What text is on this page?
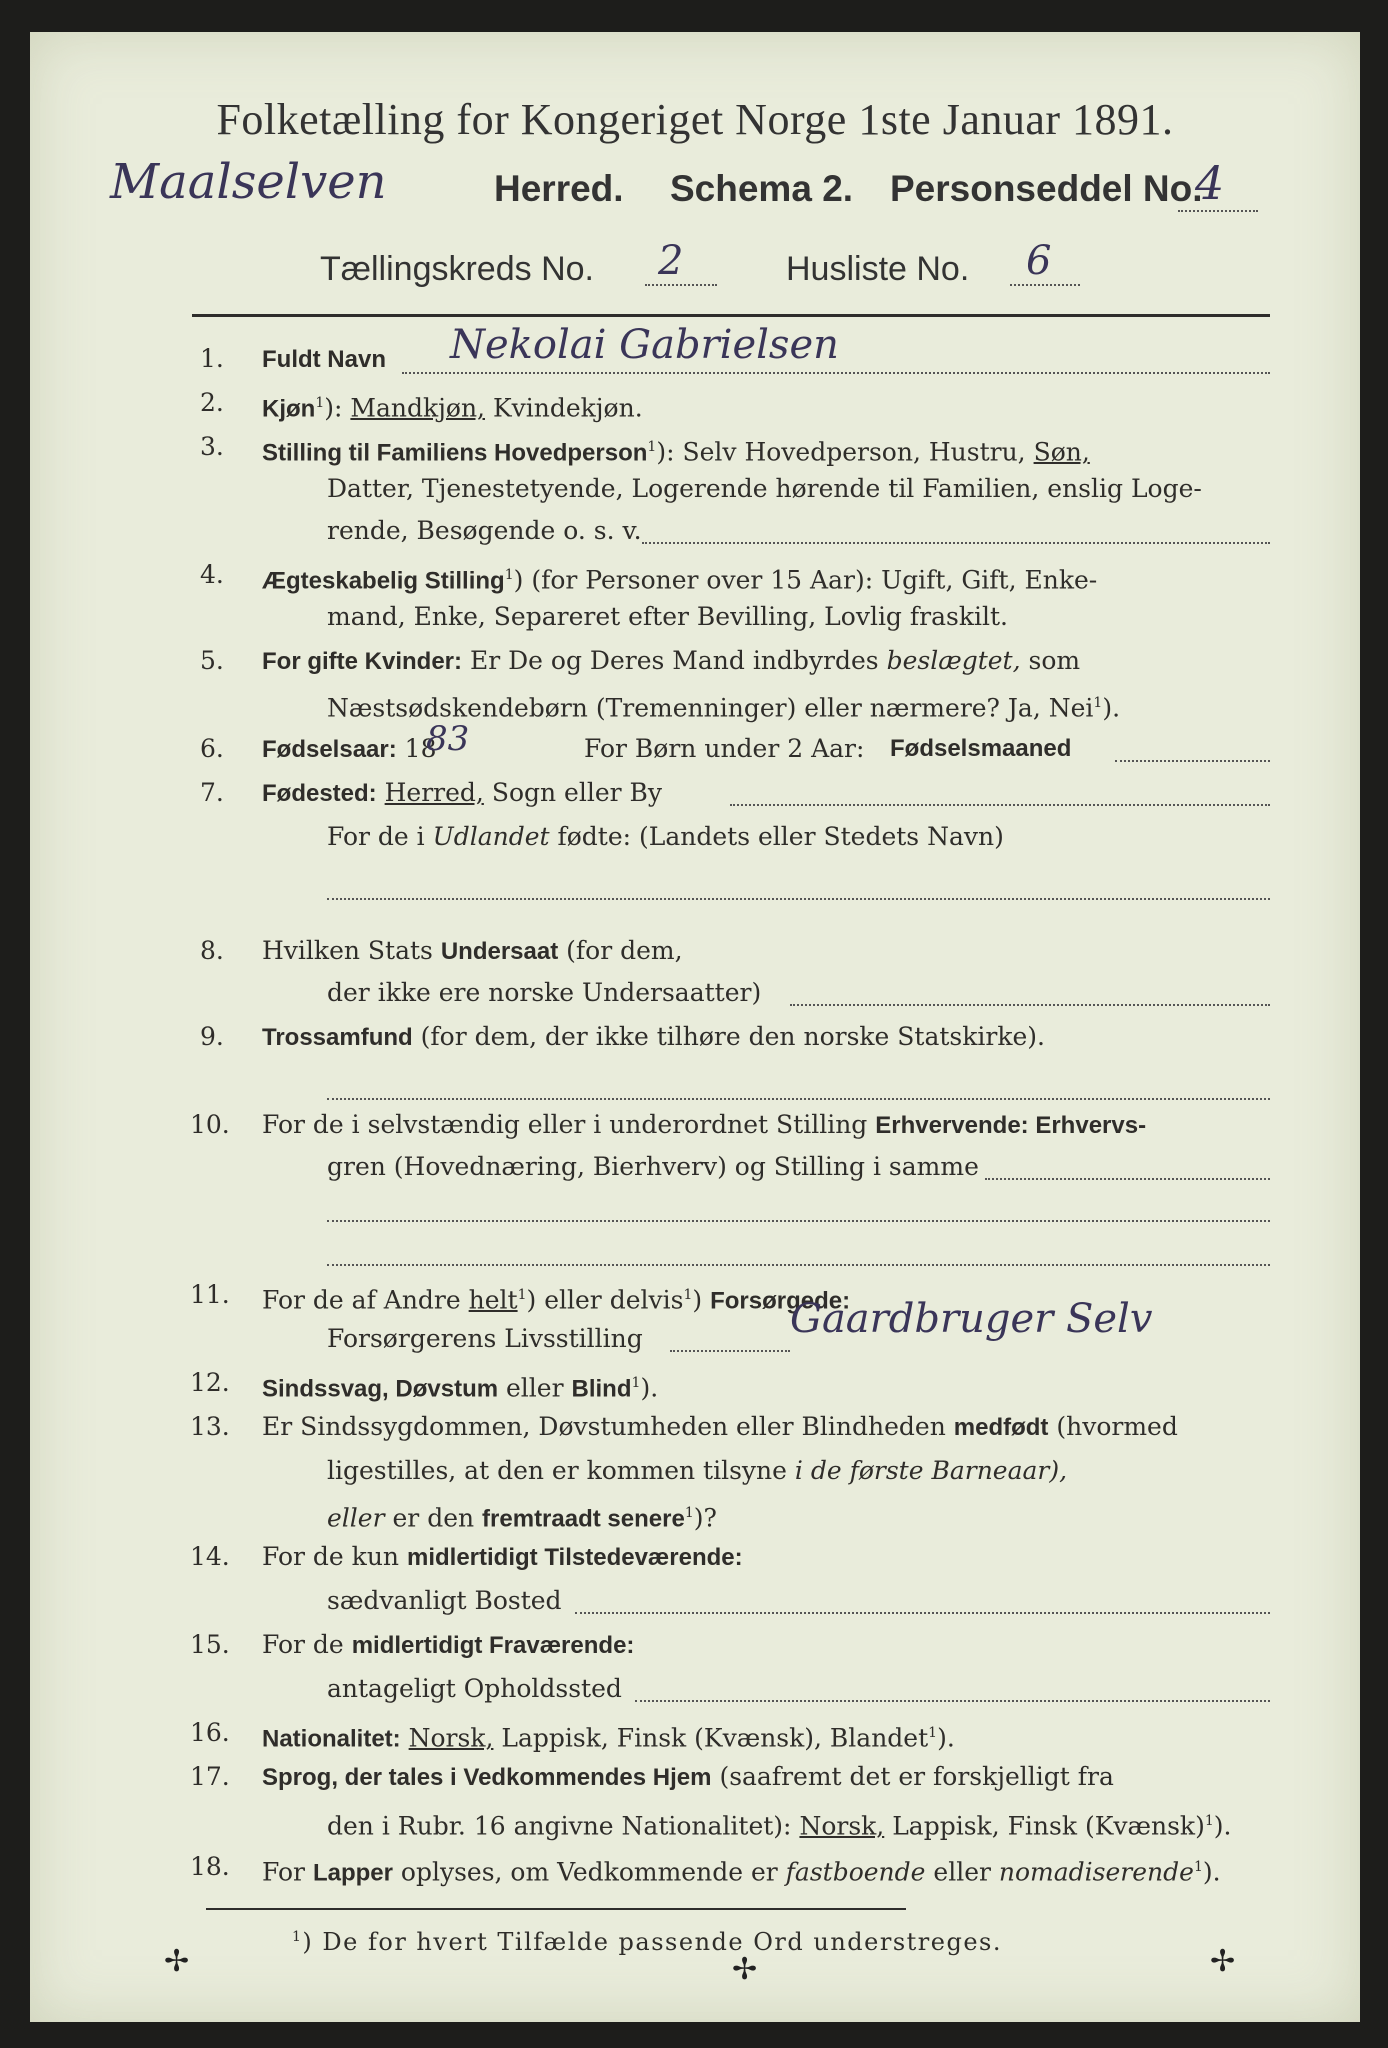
Folketælling for Kongeriget Norge 1ste Januar 1891.
Maalselven	Herred. Schema 2. Personseddel No.
4
Tællingskreds No. 2	Husliste No. 6
1.	Fuldt Navn Nekolai Gabrielsen
2.	Kjøn$^1$): Mandkjøn, Kvindekjøn.
3.	Stilling til Familiens Hovedperson$^1$): Selv Hovedperson, Hustru, Søn,
Datter, Tjenestetyende, Logerende hørende til Familien, enslig Loge-
rende, Besøgende o. s. v.
4.	Ægteskabelig Stilling$^1$) (for Personer over 15 Aar): Ugift, Gift, Enke-
mand, Enke, Separeret efter Bevilling, Lovlig fraskilt.
5.	For gifte Kvinder: Er De og Deres Mand indbyrdes beslægtet, som
Næstsødskendebørn (Tremenninger) eller nærmere? Ja, Nei$^1$).
6.	Fødselsaar: 18
83	For Børn under 2 Aar: Fødselsmaaned
7.	Fødested: Herred, Sogn eller By
For de i Udlandet fødte: (Landets eller Stedets Navn)
8.	Hvilken Stats Undersaat (for dem,
der ikke ere norske Undersaatter)
9.	Trossamfund (for dem, der ikke tilhøre den norske Statskirke).
10.	For de i selvstændig eller i underordnet Stilling Erhvervende: Erhvervs-
gren (Hovednæring, Bierhverv) og Stilling i samme
11.	For de af Andre helt$^1$) eller delvis$^1$) Forsørgede:
Forsørgerens Livsstilling	Gaardbruger Selv
12.	Sindssvag, Døvstum eller Blind$^1$).
13.	Er Sindssygdommen, Døvstumheden eller Blindheden medfødt (hvormed
ligestilles, at den er kommen tilsyne i de første Barneaar),
eller er den fremtraadt senere$^1$)?
14.	For de kun midlertidigt Tilstedeværende:
sædvanligt Bosted
15.	For de midlertidigt Fraværende:
antageligt Opholdssted
16.	Nationalitet: Norsk, Lappisk, Finsk (Kvænsk), Blandet$^1$).
17.	Sprog, der tales i Vedkommendes Hjem (saafremt det er forskjelligt fra
den i Rubr. 16 angivne Nationalitet): Norsk, Lappisk, Finsk (Kvænsk)$^1$).
18.	For Lapper oplyses, om Vedkommende er fastboende eller nomadiserende$^1$).
$^1$) De for hvert Tilfælde passende Ord understreges.
✢	✢	✢
